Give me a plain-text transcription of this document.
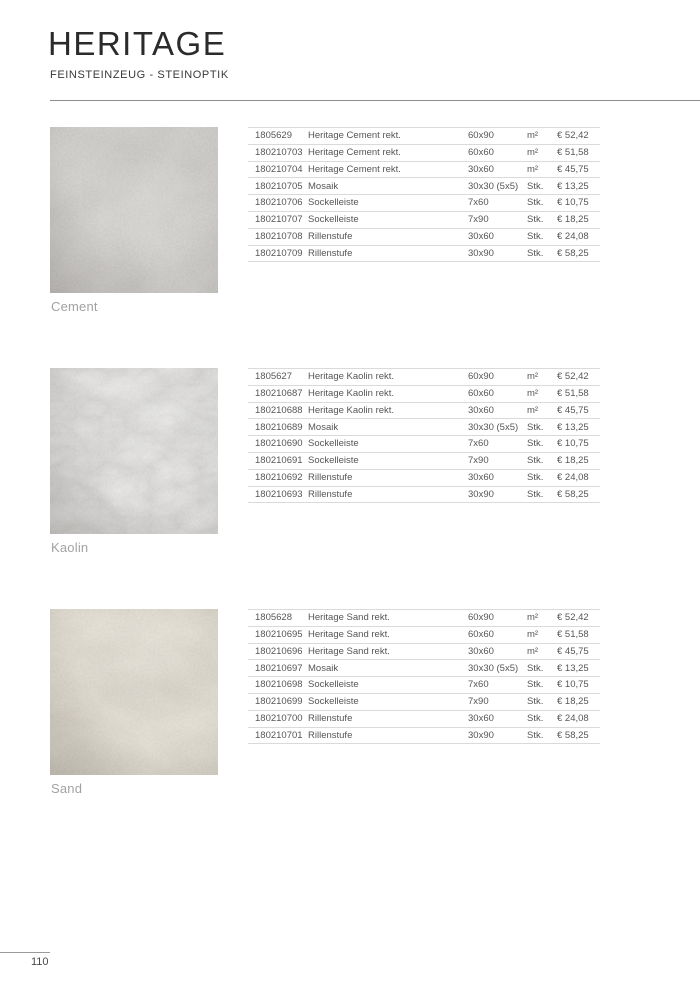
HERITAGE
FEINSTEINZEUG - STEINOPTIK
Cement
1805629	Heritage Cement rekt.	60x90	m²	€ 52,42
180210703 Heritage Cement rekt.	60x60	m²	€ 51,58
180210704 Heritage Cement rekt.	30x60	m²	€ 45,75
180210705 Mosaik	30x30 (5x5) Stk.	€ 13,25
180210706 Sockelleiste	7x60	Stk.	€ 10,75
180210707 Sockelleiste	7x90	Stk.	€ 18,25
180210708 Rillenstufe	30x60	Stk.	€ 24,08
180210709 Rillenstufe	30x90	Stk.	€ 58,25
Kaolin
1805627	Heritage Kaolin rekt.	60x90	m²	€ 52,42
180210687 Heritage Kaolin rekt.	60x60	m²	€ 51,58
180210688 Heritage Kaolin rekt.	30x60	m²	€ 45,75
180210689 Mosaik	30x30 (5x5) Stk.	€ 13,25
180210690 Sockelleiste	7x60	Stk.	€ 10,75
180210691 Sockelleiste	7x90	Stk.	€ 18,25
180210692 Rillenstufe	30x60	Stk.	€ 24,08
180210693 Rillenstufe	30x90	Stk.	€ 58,25
Sand
1805628	Heritage Sand rekt.	60x90	m²	€ 52,42
180210695 Heritage Sand rekt.	60x60	m²	€ 51,58
180210696 Heritage Sand rekt.	30x60	m²	€ 45,75
180210697 Mosaik	30x30 (5x5) Stk.	€ 13,25
180210698 Sockelleiste	7x60	Stk.	€ 10,75
180210699 Sockelleiste	7x90	Stk.	€ 18,25
180210700 Rillenstufe	30x60	Stk.	€ 24,08
180210701 Rillenstufe	30x90	Stk.	€ 58,25
110
